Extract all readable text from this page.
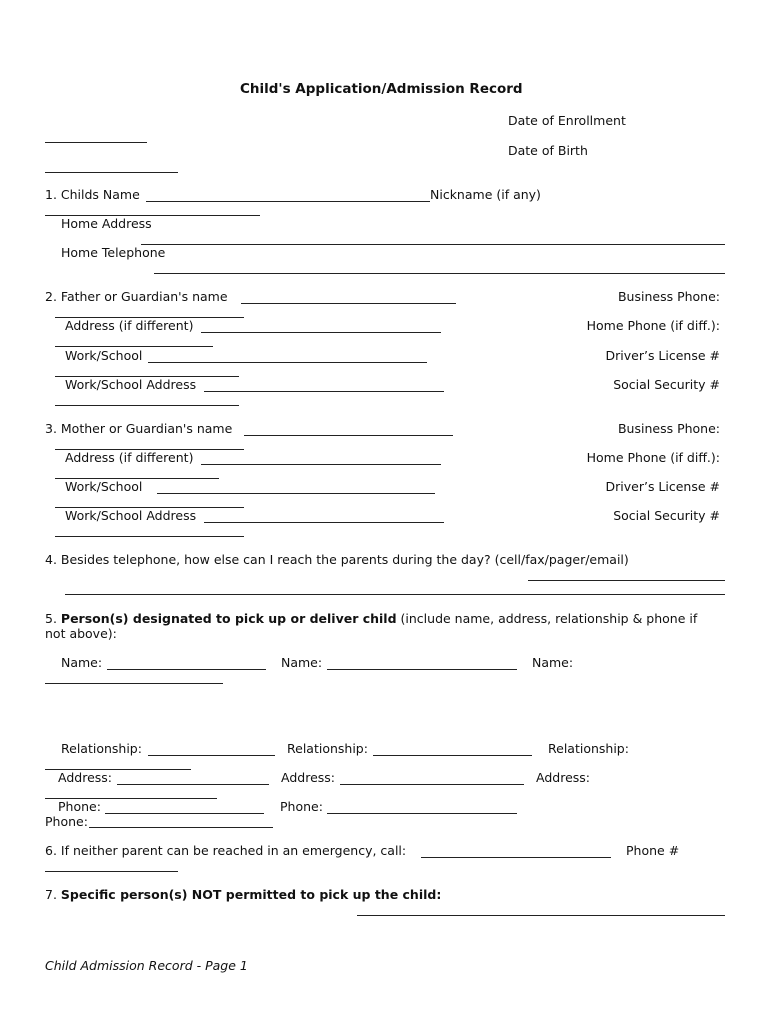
Child's Application/Admission Record
Date of Enrollment
Date of Birth
1. Childs Name	Nickname (if any)
Home Address
Home Telephone
2. Father or Guardian's name	Business Phone:
Address (if different)	Home Phone (if diff.):
Work/School	Driver’s License #
Work/School Address	Social Security #
3. Mother or Guardian's name	Business Phone:
Address (if different)	Home Phone (if diff.):
Work/School	Driver’s License #
Work/School Address	Social Security #
4. Besides telephone, how else can I reach the parents during the day? (cell/fax/pager/email)
5. Person(s) designated to pick up or deliver child (include name, address, relationship & phone if
not above):
Name:	Name:	Name:
Relationship:	Relationship:	Relationship:
Address:	Address:	Address:
Phone:	Phone:
Phone:
6. If neither parent can be reached in an emergency, call:	Phone #
7. Specific person(s) NOT permitted to pick up the child:
Child Admission Record - Page 1
